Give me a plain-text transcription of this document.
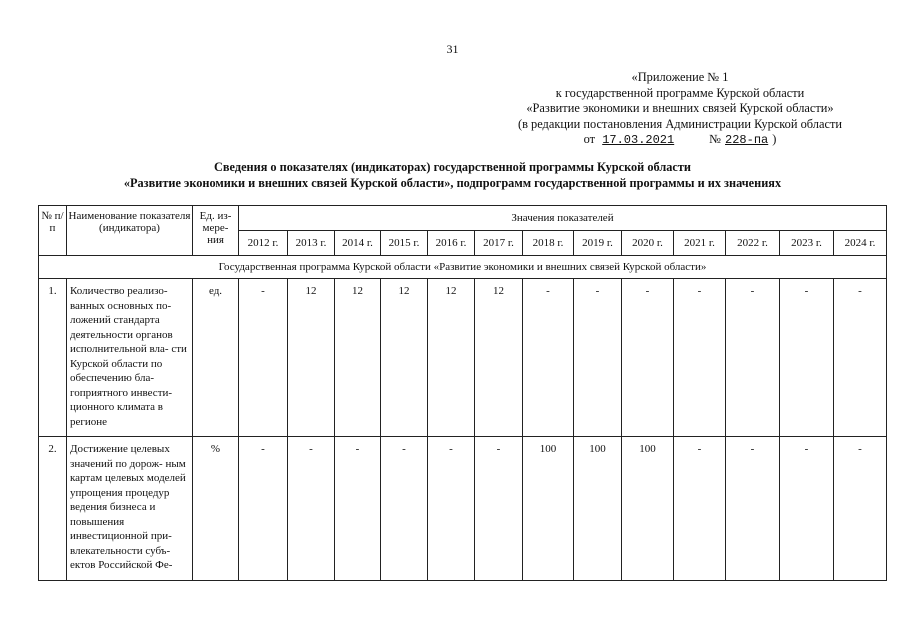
31
«Приложение № 1
к государственной программе Курской области
«Развитие экономики и внешних связей Курской области»
(в редакции постановления Администрации Курской области
от 17.03.2021	№ 228-па )
Сведения о показателях (индикаторах) государственной программы Курской области
«Развитие экономики и внешних связей Курской области», подпрограмм государственной программы и их значениях
№ п/п	Наименование показателя (индикатора)	Ед. из- мере- ния	Значения показателей												
			2012 г.	2013 г.	2014 г.	2015 г.	2016 г.	2017 г.	2018 г.	2019 г.	2020 г.	2021 г.	2022 г.	2023 г.	2024 г.
Государственная программа Курской области «Развитие экономики и внешних связей Курской области»															
1.	Количество реализо- ванных основных по- ложений стандарта деятельности органов исполнительной вла- сти Курской области по обеспечению бла- гоприятного инвести- ционного климата в регионе	ед.	-	12	12	12	12	12	-	-	-	-	-	-	-
2.	Достижение целевых значений по дорож- ным картам целевых моделей упрощения процедур ведения бизнеса и повышения инвестиционной при- влекательности субъ- ектов Российской Фе-	%	-	-	-	-	-	-	100	100	100	-	-	-	-
